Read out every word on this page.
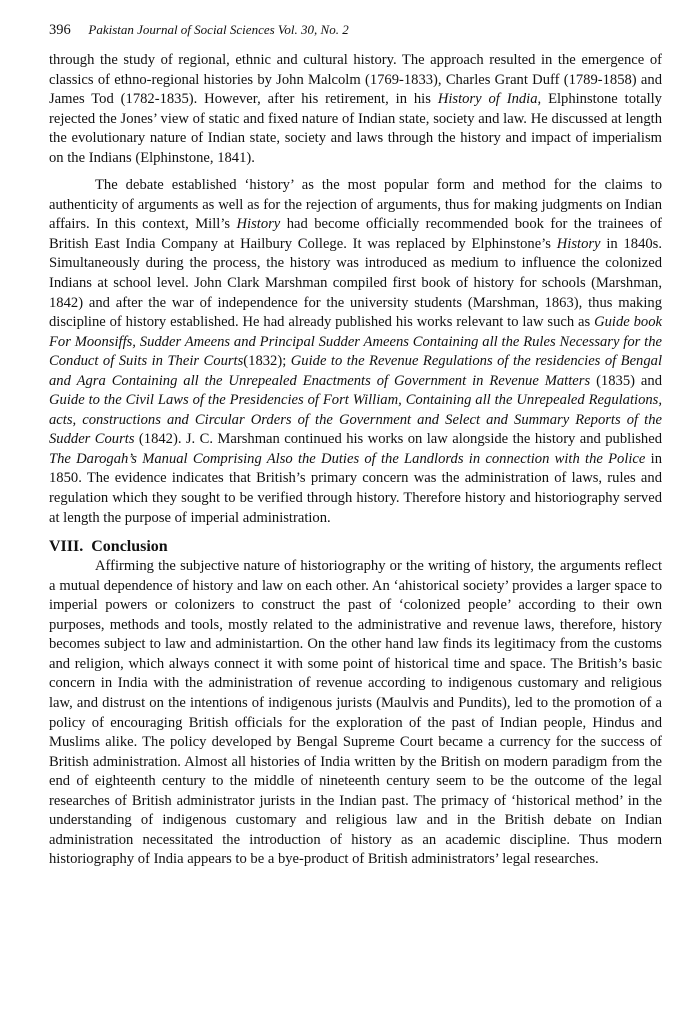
396 Pakistan Journal of Social Sciences Vol. 30, No. 2

through the study of regional, ethnic and cultural history. The approach resulted in the emergence of classics of ethno-regional histories by John Malcolm (1769-1833), Charles Grant Duff (1789-1858) and James Tod (1782-1835). However, after his retirement, in his History of India, Elphinstone totally rejected the Jones’ view of static and fixed nature of Indian state, society and law. He discussed at length the evolutionary nature of Indian state, society and laws through the history and impact of imperialism on the Indians (Elphinstone, 1841).

The debate established ‘history’ as the most popular form and method for the claims to authenticity of arguments as well as for the rejection of arguments, thus for making judgments on Indian affairs. In this context, Mill’s History had become officially recommended book for the trainees of British East India Company at Hailbury College. It was replaced by Elphinstone’s History in 1840s. Simultaneously during the process, the history was introduced as medium to influence the colonized Indians at school level. John Clark Marshman compiled first book of history for schools (Marshman, 1842) and after the war of independence for the university students (Marshman, 1863), thus making discipline of history established. He had already published his works relevant to law such as Guide book For Moonsiffs, Sudder Ameens and Principal Sudder Ameens Containing all the Rules Necessary for the Conduct of Suits in Their Courts(1832); Guide to the Revenue Regulations of the residencies of Bengal and Agra Containing all the Unrepealed Enactments of Government in Revenue Matters (1835) and Guide to the Civil Laws of the Presidencies of Fort William, Containing all the Unrepealed Regulations, acts, constructions and Circular Orders of the Government and Select and Summary Reports of the Sudder Courts (1842). J. C. Marshman continued his works on law alongside the history and published The Darogah’s Manual Comprising Also the Duties of the Landlords in connection with the Police in 1850. The evidence indicates that British’s primary concern was the administration of laws, rules and regulation which they sought to be verified through history. Therefore history and historiography served at length the purpose of imperial administration.

VIII. Conclusion

Affirming the subjective nature of historiography or the writing of history, the arguments reflect a mutual dependence of history and law on each other. An ‘ahistorical society’ provides a larger space to imperial powers or colonizers to construct the past of ‘colonized people’ according to their own purposes, methods and tools, mostly related to the administrative and revenue laws, therefore, history becomes subject to law and administartion. On the other hand law finds its legitimacy from the customs and religion, which always connect it with some point of historical time and space. The British’s basic concern in India with the administration of revenue according to indigenous customary and religious law, and distrust on the intentions of indigenous jurists (Maulvis and Pundits), led to the promotion of a policy of encouraging British officials for the exploration of the past of Indian people, Hindus and Muslims alike. The policy developed by Bengal Supreme Court became a currency for the success of British administration. Almost all histories of India written by the British on modern paradigm from the end of eighteenth century to the middle of nineteenth century seem to be the outcome of the legal researches of British administrator jurists in the Indian past. The primacy of ‘historical method’ in the understanding of indigenous customary and religious law and in the British debate on Indian administration necessitated the introduction of history as an academic discipline. Thus modern historiography of India appears to be a bye-product of British administrators’ legal researches.
